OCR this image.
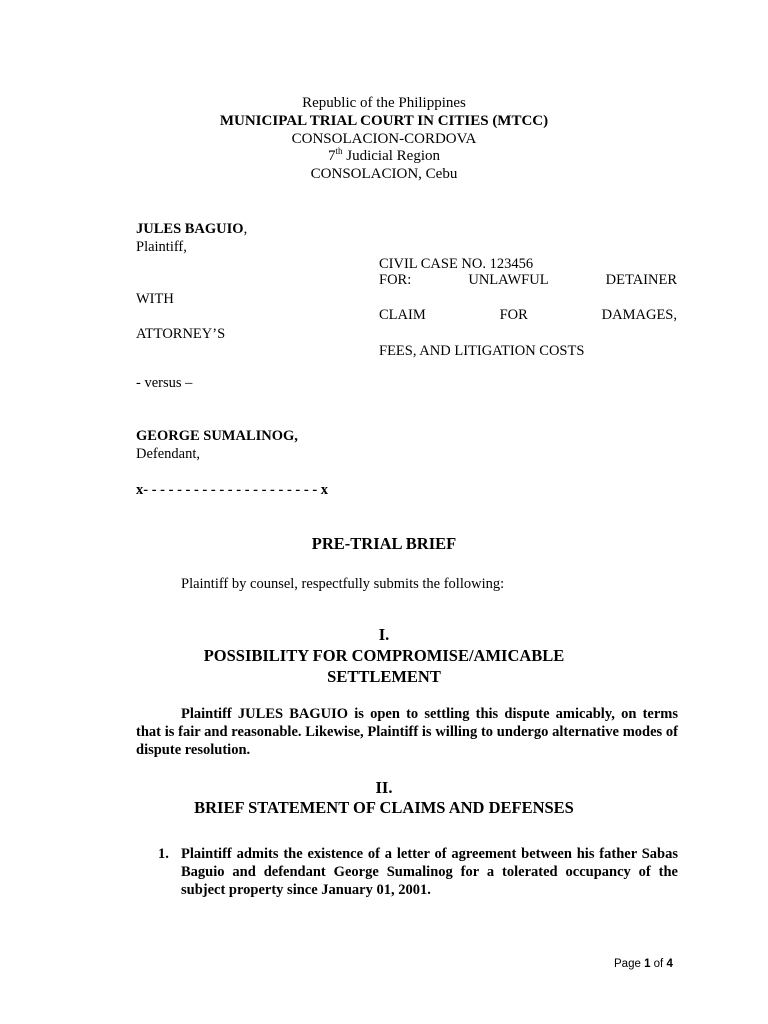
Republic of the Philippines

MUNICIPAL TRIAL COURT IN CITIES (MTCC)

CONSOLACION-CORDOVA

7th Judicial Region

CONSOLACION, Cebu

JULES BAGUIO,

Plaintiff,

WITH

ATTORNEY’S

- versus –

GEORGE SUMALINOG,

Defendant,

x- - - - - - - - - - - - - - - - - - - - - x

CIVIL CASE NO. 123456

FOR:	UNLAWFUL	DETAINER
CLAIM	FOR	DAMAGES,

FEES, AND LITIGATION COSTS

PRE-TRIAL BRIEF

Plaintiff by counsel, respectfully submits the following:

I.

POSSIBILITY FOR COMPROMISE/AMICABLE

SETTLEMENT

Plaintiff JULES BAGUIO is open to settling this dispute amicably, on terms that is fair and reasonable. Likewise, Plaintiff is willing to undergo alternative modes of dispute resolution.

II.

BRIEF STATEMENT OF CLAIMS AND DEFENSES

1. Plaintiff admits the existence of a letter of agreement between his father Sabas Baguio and defendant George Sumalinog for a tolerated occupancy of the subject property since January 01, 2001.

Page 1 of 4
